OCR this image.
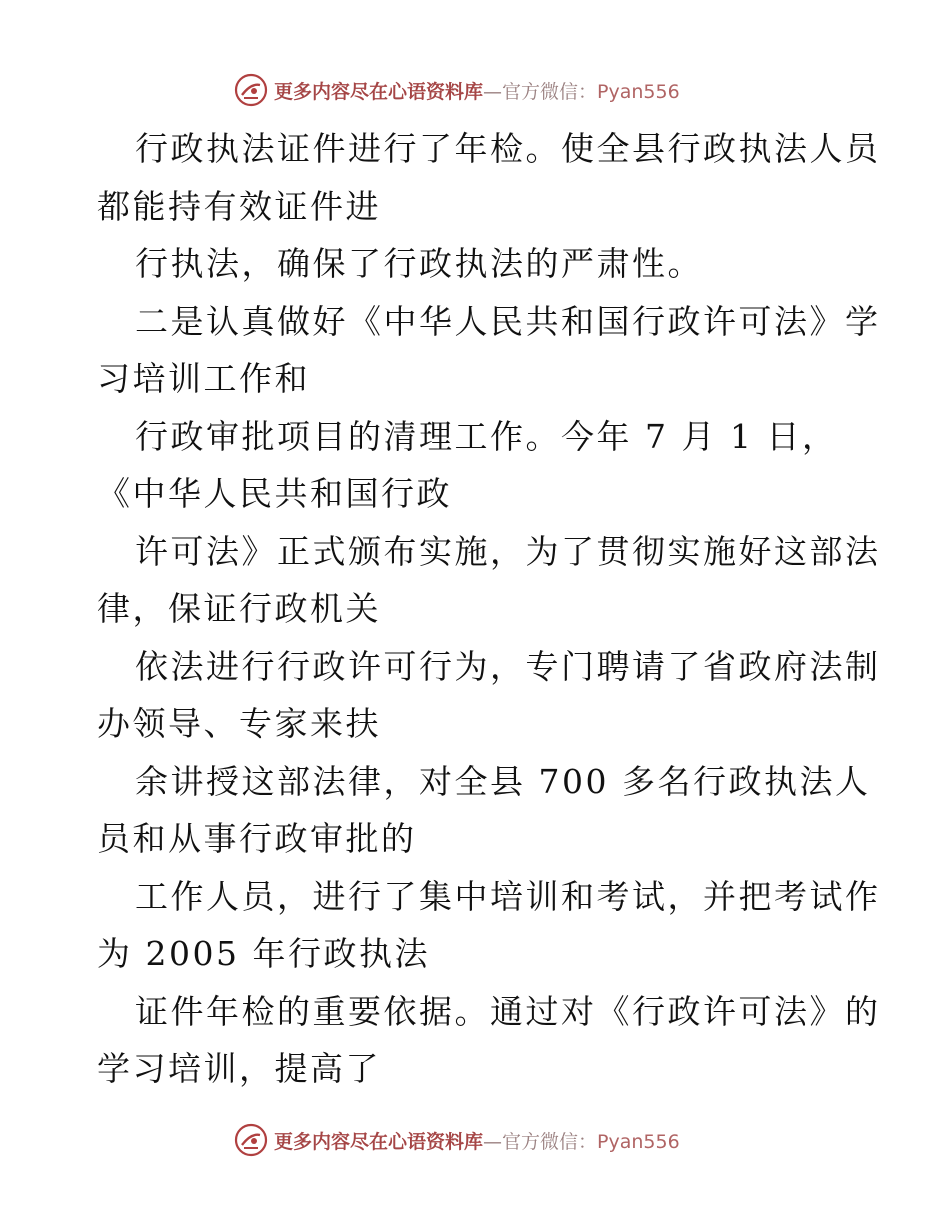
更多内容尽在心语资料库—官方微信：Pyan556
行政执法证件进行了年检。使全县行政执法人员
都能持有效证件进
行执法，确保了行政执法的严肃性。
二是认真做好《中华人民共和国行政许可法》学
习培训工作和
行政审批项目的清理工作。今年 7 月 1 日，
《中华人民共和国行政
许可法》正式颁布实施，为了贯彻实施好这部法
律，保证行政机关
依法进行行政许可行为，专门聘请了省政府法制
办领导、专家来扶
余讲授这部法律，对全县 700 多名行政执法人
员和从事行政审批的
工作人员，进行了集中培训和考试，并把考试作
为 2005 年行政执法
证件年检的重要依据。通过对《行政许可法》的
学习培训，提高了
更多内容尽在心语资料库—官方微信：Pyan556
